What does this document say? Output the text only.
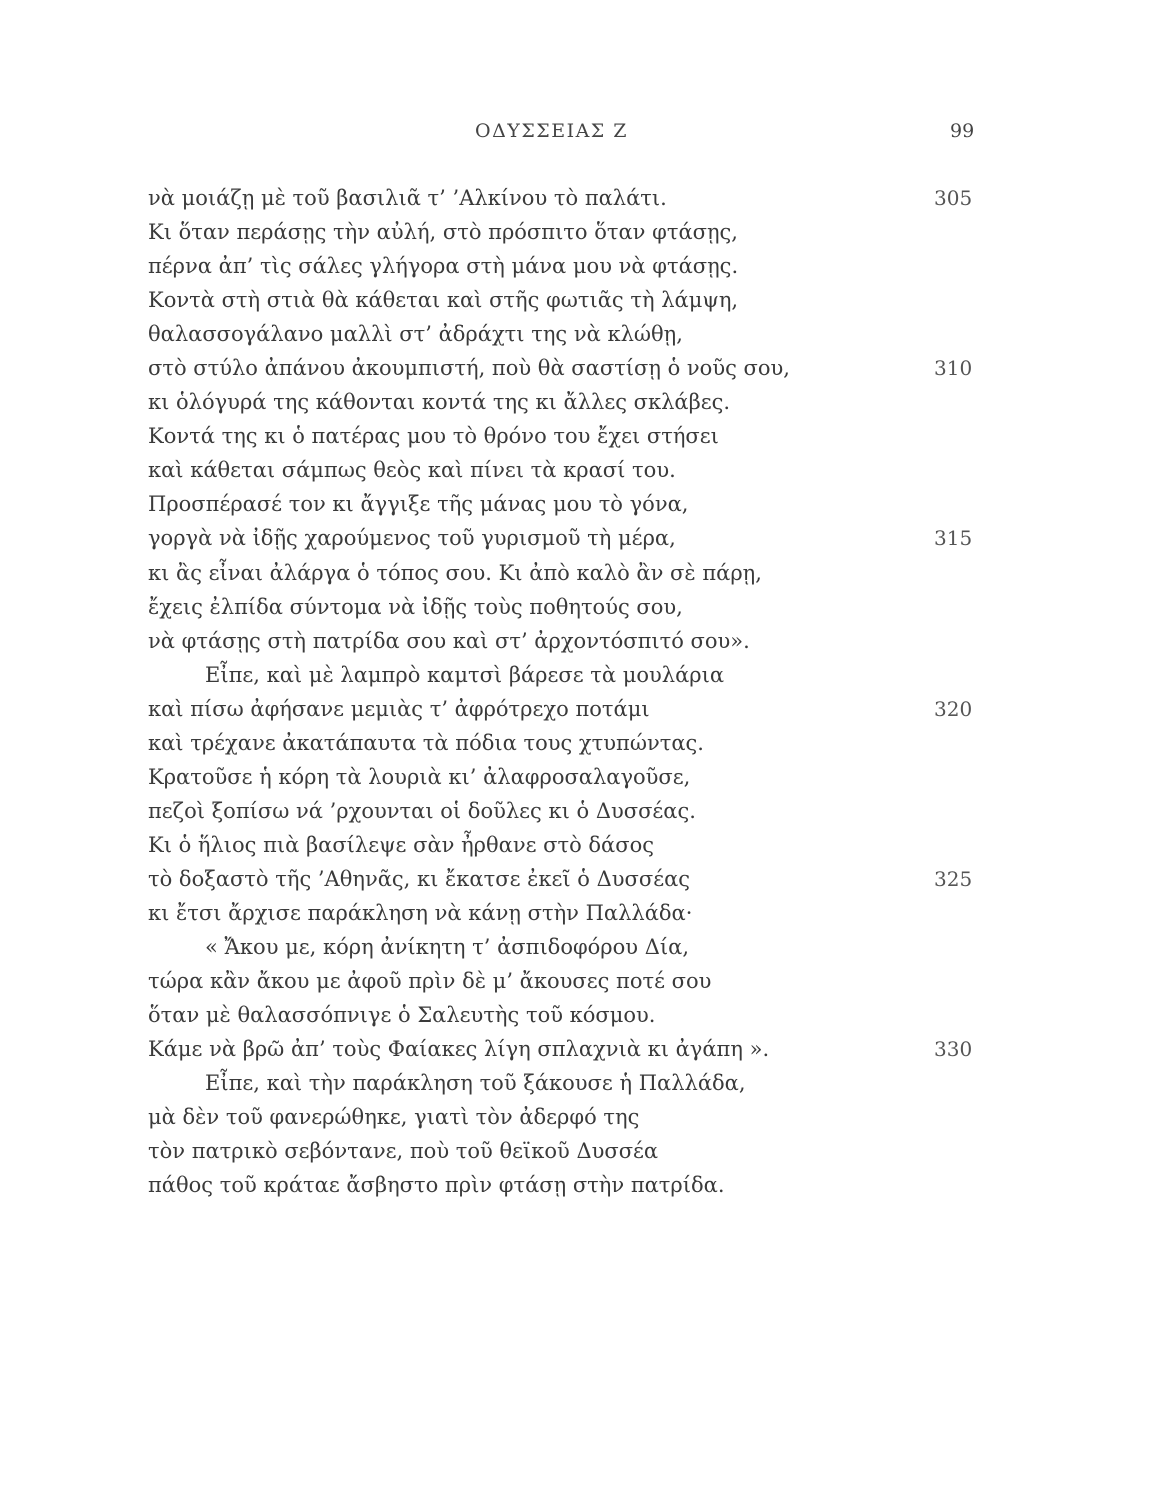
ΟΔΥΣΣΕΙΑΣ Ζ	99
νὰ μοιάζῃ μὲ τοῦ βασιλιᾶ τ’ ’Αλκίνου τὸ παλάτι.	305
Κι ὅταν περάσῃς τὴν αὐλή, στὸ πρόσπιτο ὅταν φτάσῃς,
πέρνα ἀπ’ τὶς σάλες γλήγορα στὴ μάνα μου νὰ φτάσῃς.
Κοντὰ στὴ στιὰ θὰ κάθεται καὶ στῆς φωτιᾶς τὴ λάμψη,
θαλασσογάλανο μαλλὶ στ’ ἀδράχτι της νὰ κλώθῃ,
στὸ στύλο ἀπάνου ἀκουμπιστή, ποὺ θὰ σαστίσῃ ὁ νοῦς σου,	310
κι ὁλόγυρά της κάθονται κοντά της κι ἄλλες σκλάβες.
Κοντά της κι ὁ πατέρας μου τὸ θρόνο του ἔχει στήσει
καὶ κάθεται σάμπως θεὸς καὶ πίνει τὰ κρασί του.
Προσπέρασέ τον κι ἄγγιξε τῆς μάνας μου τὸ γόνα,
γοργὰ νὰ ἰδῇς χαρούμενος τοῦ γυρισμοῦ τὴ μέρα,	315
κι ἂς εἶναι ἀλάργα ὁ τόπος σου. Κι ἀπὸ καλὸ ἂν σὲ πάρῃ,
ἔχεις ἐλπίδα σύντομα νὰ ἰδῇς τοὺς ποθητούς σου,
νὰ φτάσῃς στὴ πατρίδα σου καὶ στ’ ἀρχοντόσπιτό σου».
Εἶπε, καὶ μὲ λαμπρὸ καμτσὶ βάρεσε τὰ μουλάρια
καὶ πίσω ἀφήσανε μεμιὰς τ’ ἀφρότρεχο ποτάμι	320
καὶ τρέχανε ἀκατάπαυτα τὰ πόδια τους χτυπώντας.
Κρατοῦσε ἡ κόρη τὰ λουριὰ κι’ ἀλαφροσαλαγοῦσε,
πεζοὶ ξοπίσω νά ’ρχουνται οἱ δοῦλες κι ὁ Δυσσέας.
Κι ὁ ἥλιος πιὰ βασίλεψε σὰν ἦρθανε στὸ δάσος
τὸ δοξαστὸ τῆς ’Αθηνᾶς, κι ἔκατσε ἐκεῖ ὁ Δυσσέας	325
κι ἔτσι ἄρχισε παράκληση νὰ κάνῃ στὴν Παλλάδα·
« Ἄκου με, κόρη ἀνίκητη τ’ ἀσπιδοφόρου Δία,
τώρα κἂν ἄκου με ἀφοῦ πρὶν δὲ μ’ ἄκουσες ποτέ σου
ὅταν μὲ θαλασσόπνιγε ὁ Σαλευτὴς τοῦ κόσμου.
Κάμε νὰ βρῶ ἀπ’ τοὺς Φαίακες λίγη σπλαχνιὰ κι ἀγάπη ».	330
Εἶπε, καὶ τὴν παράκληση τοῦ ξάκουσε ἡ Παλλάδα,
μὰ δὲν τοῦ φανερώθηκε, γιατὶ τὸν ἀδερφό της
τὸν πατρικὸ σεβόντανε, ποὺ τοῦ θεϊκοῦ Δυσσέα
πάθος τοῦ κράταε ἄσβηστο πρὶν φτάσῃ στὴν πατρίδα.
